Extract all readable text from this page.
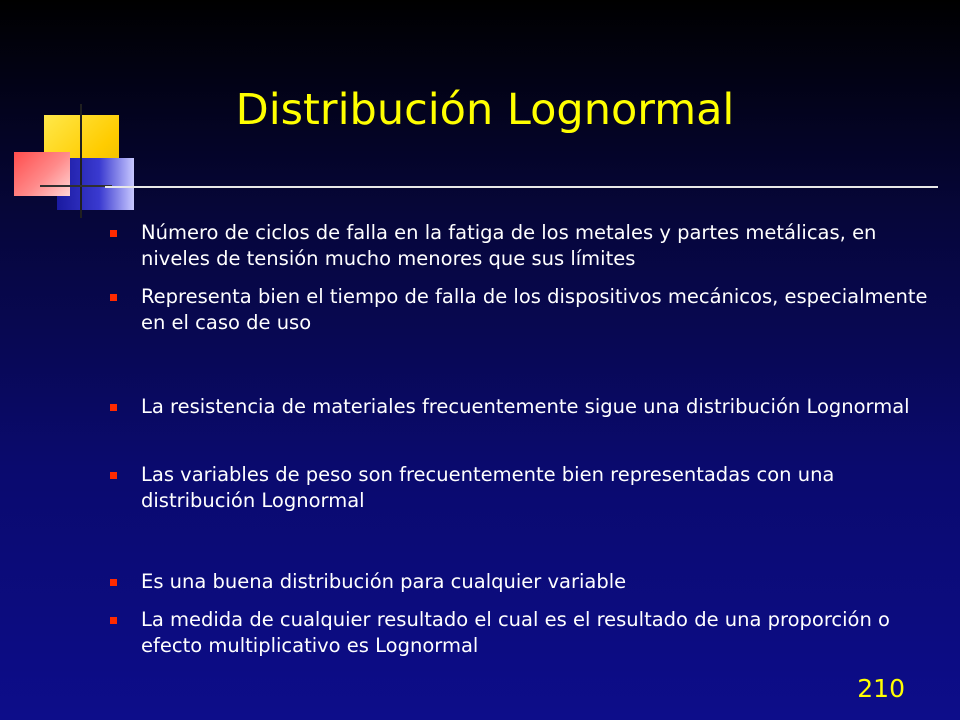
Distribución Lognormal
Número de ciclos de falla en la fatiga de los metales y partes metálicas, en niveles de tensión mucho menores que sus límites
Representa bien el tiempo de falla de los dispositivos mecánicos, especialmente en el caso de uso
La resistencia de materiales frecuentemente sigue una distribución Lognormal
Las variables de peso son frecuentemente bien representadas con una distribución Lognormal
Es una buena distribución para cualquier variable
La medida de cualquier resultado el cual es el resultado de una proporción o efecto multiplicativo es Lognormal
210
